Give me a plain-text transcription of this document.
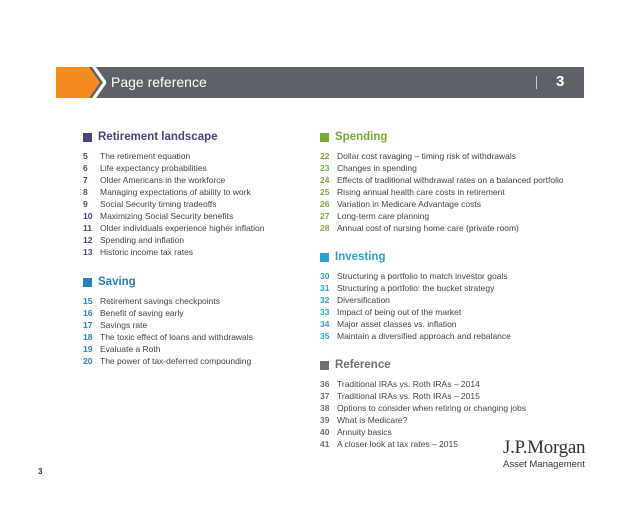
Page reference	3
Retirement landscape
5	The retirement equation
6	Life expectancy probabilities
7	Older Americans in the workforce
8	Managing expectations of ability to work
9	Social Security timing tradeoffs
10 Maximizing Social Security benefits
11 Older individuals experience higher inflation
12 Spending and inflation
13 Historic income tax rates
Saving
15 Retirement savings checkpoints
16 Benefit of saving early
17 Savings rate
18 The toxic effect of loans and withdrawals
19 Evaluate a Roth
20 The power of tax-deferred compounding
Spending
22 Dollar cost ravaging – timing risk of withdrawals
23 Changes in spending
24 Effects of traditional withdrawal rates on a balanced portfolio
25 Rising annual health care costs in retirement
26 Variation in Medicare Advantage costs
27 Long-term care planning
28 Annual cost of nursing home care (private room)
Investing
30 Structuring a portfolio to match investor goals
31 Structuring a portfolio: the bucket strategy
32 Diversification
33 Impact of being out of the market
34 Major asset classes vs. inflation
35 Maintain a diversified approach and rebalance
Reference
36 Traditional IRAs vs. Roth IRAs – 2014
37 Traditional IRAs vs. Roth IRAs – 2015
38 Options to consider when retiring or changing jobs
39 What is Medicare?
40 Annuity basics
41 A closer look at tax rates – 2015 J.P.Morgan
Asset Management
3
